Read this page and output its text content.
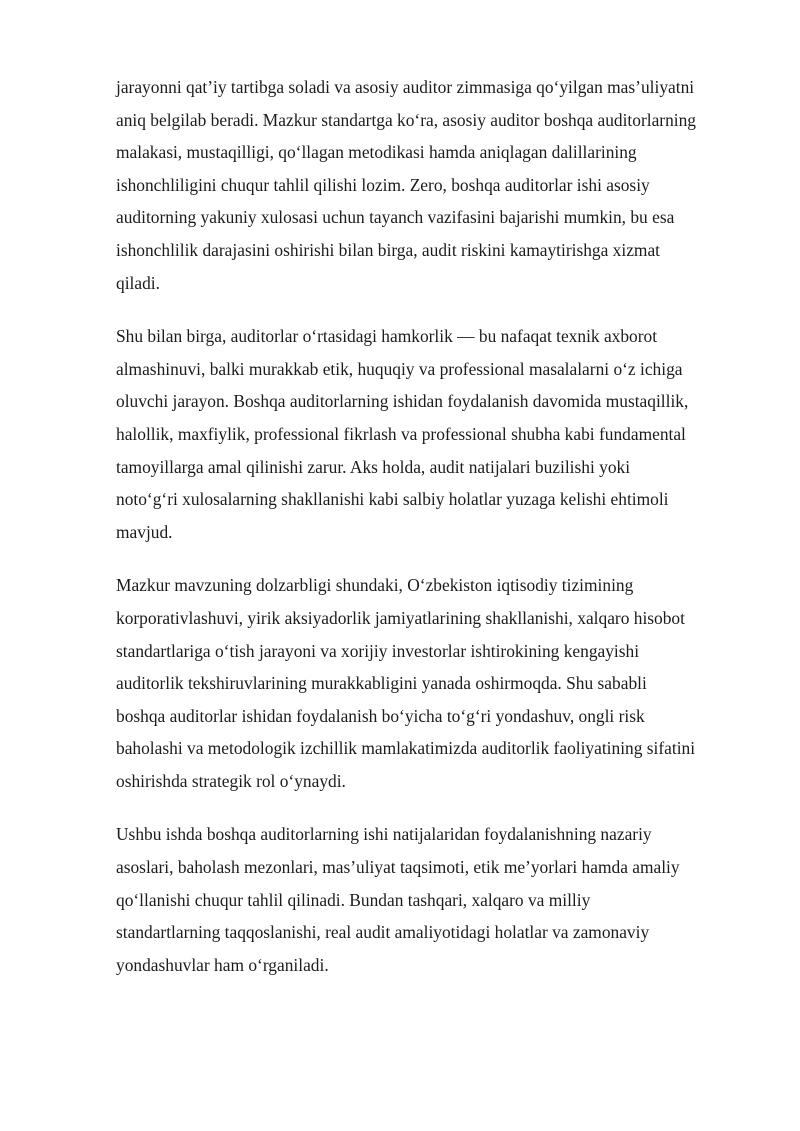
jarayonni qat’iy tartibga soladi va asosiy auditor zimmasiga qo‘yilgan mas’uliyatni
aniq belgilab beradi. Mazkur standartga ko‘ra, asosiy auditor boshqa auditorlarning
malakasi, mustaqilligi, qo‘llagan metodikasi hamda aniqlagan dalillarining
ishonchliligini chuqur tahlil qilishi lozim. Zero, boshqa auditorlar ishi asosiy
auditorning yakuniy xulosasi uchun tayanch vazifasini bajarishi mumkin, bu esa
ishonchlilik darajasini oshirishi bilan birga, audit riskini kamaytirishga xizmat
qiladi.

Shu bilan birga, auditorlar o‘rtasidagi hamkorlik — bu nafaqat texnik axborot
almashinuvi, balki murakkab etik, huquqiy va professional masalalarni o‘z ichiga
oluvchi jarayon. Boshqa auditorlarning ishidan foydalanish davomida mustaqillik,
halollik, maxfiylik, professional fikrlash va professional shubha kabi fundamental
tamoyillarga amal qilinishi zarur. Aks holda, audit natijalari buzilishi yoki
noto‘g‘ri xulosalarning shakllanishi kabi salbiy holatlar yuzaga kelishi ehtimoli
mavjud.

Mazkur mavzuning dolzarbligi shundaki, O‘zbekiston iqtisodiy tizimining
korporativlashuvi, yirik aksiyadorlik jamiyatlarining shakllanishi, xalqaro hisobot
standartlariga o‘tish jarayoni va xorijiy investorlar ishtirokining kengayishi
auditorlik tekshiruvlarining murakkabligini yanada oshirmoqda. Shu sababli
boshqa auditorlar ishidan foydalanish bo‘yicha to‘g‘ri yondashuv, ongli risk
baholashi va metodologik izchillik mamlakatimizda auditorlik faoliyatining sifatini
oshirishda strategik rol o‘ynaydi.

Ushbu ishda boshqa auditorlarning ishi natijalaridan foydalanishning nazariy
asoslari, baholash mezonlari, mas’uliyat taqsimoti, etik me’yorlari hamda amaliy
qo‘llanishi chuqur tahlil qilinadi. Bundan tashqari, xalqaro va milliy
standartlarning taqqoslanishi, real audit amaliyotidagi holatlar va zamonaviy
yondashuvlar ham o‘rganiladi.
